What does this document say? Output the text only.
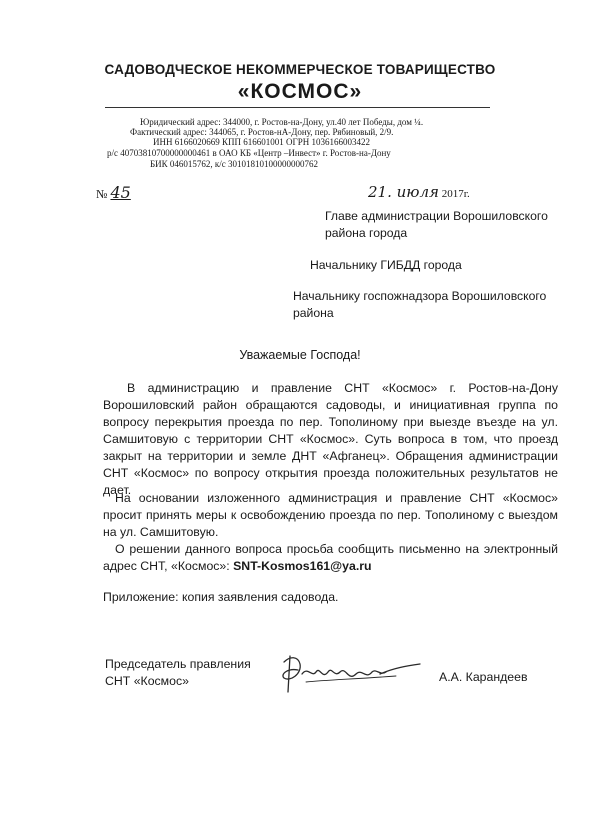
САДОВОДЧЕСКОЕ НЕКОММЕРЧЕСКОЕ ТОВАРИЩЕСТВО
«КОСМОС»
Юридический адрес: 344000, г. Ростов-на-Дону, ул.40 лет Победы, дом ¼.
Фактический адрес: 344065, г. Ростов-нА-Дону, пер. Рябиновый, 2/9.
ИНН 6166020669 КПП 616601001 ОГРН 1036166003422
р/с 40703810700000000461 в ОАО КБ «Центр –Инвест» г. Ростов-на-Дону
БИК 046015762, к/с 30101810100000000762
№ 45	21. июля 2017г.
Главе администрации Ворошиловского
района города
Начальнику ГИБДД города
Начальнику госпожнадзора Ворошиловского
района
Уважаемые Господа!
В администрацию и правление СНТ «Космос» г. Ростов-на-Дону Ворошиловский район обращаются садоводы, и инициативная группа по вопросу перекрытия проезда по пер. Тополиному при выезде въезде на ул. Самшитовую с территории СНТ «Космос». Суть вопроса в том, что проезд закрыт на территории и земле ДНТ «Афганец». Обращения администрации СНТ «Космос» по вопросу открытия проезда положительных результатов не дает.
На основании изложенного администрация и правление СНТ «Космос» просит принять меры к освобождению проезда по пер. Тополиному с выездом на ул. Самшитовую.
О решении данного вопроса просьба сообщить письменно на электронный адрес СНТ, «Космос»: SNT-Kosmos161@ya.ru
Приложение: копия заявления садовода.
Председатель правления
СНТ «Космос»	А.А. Карандеев
